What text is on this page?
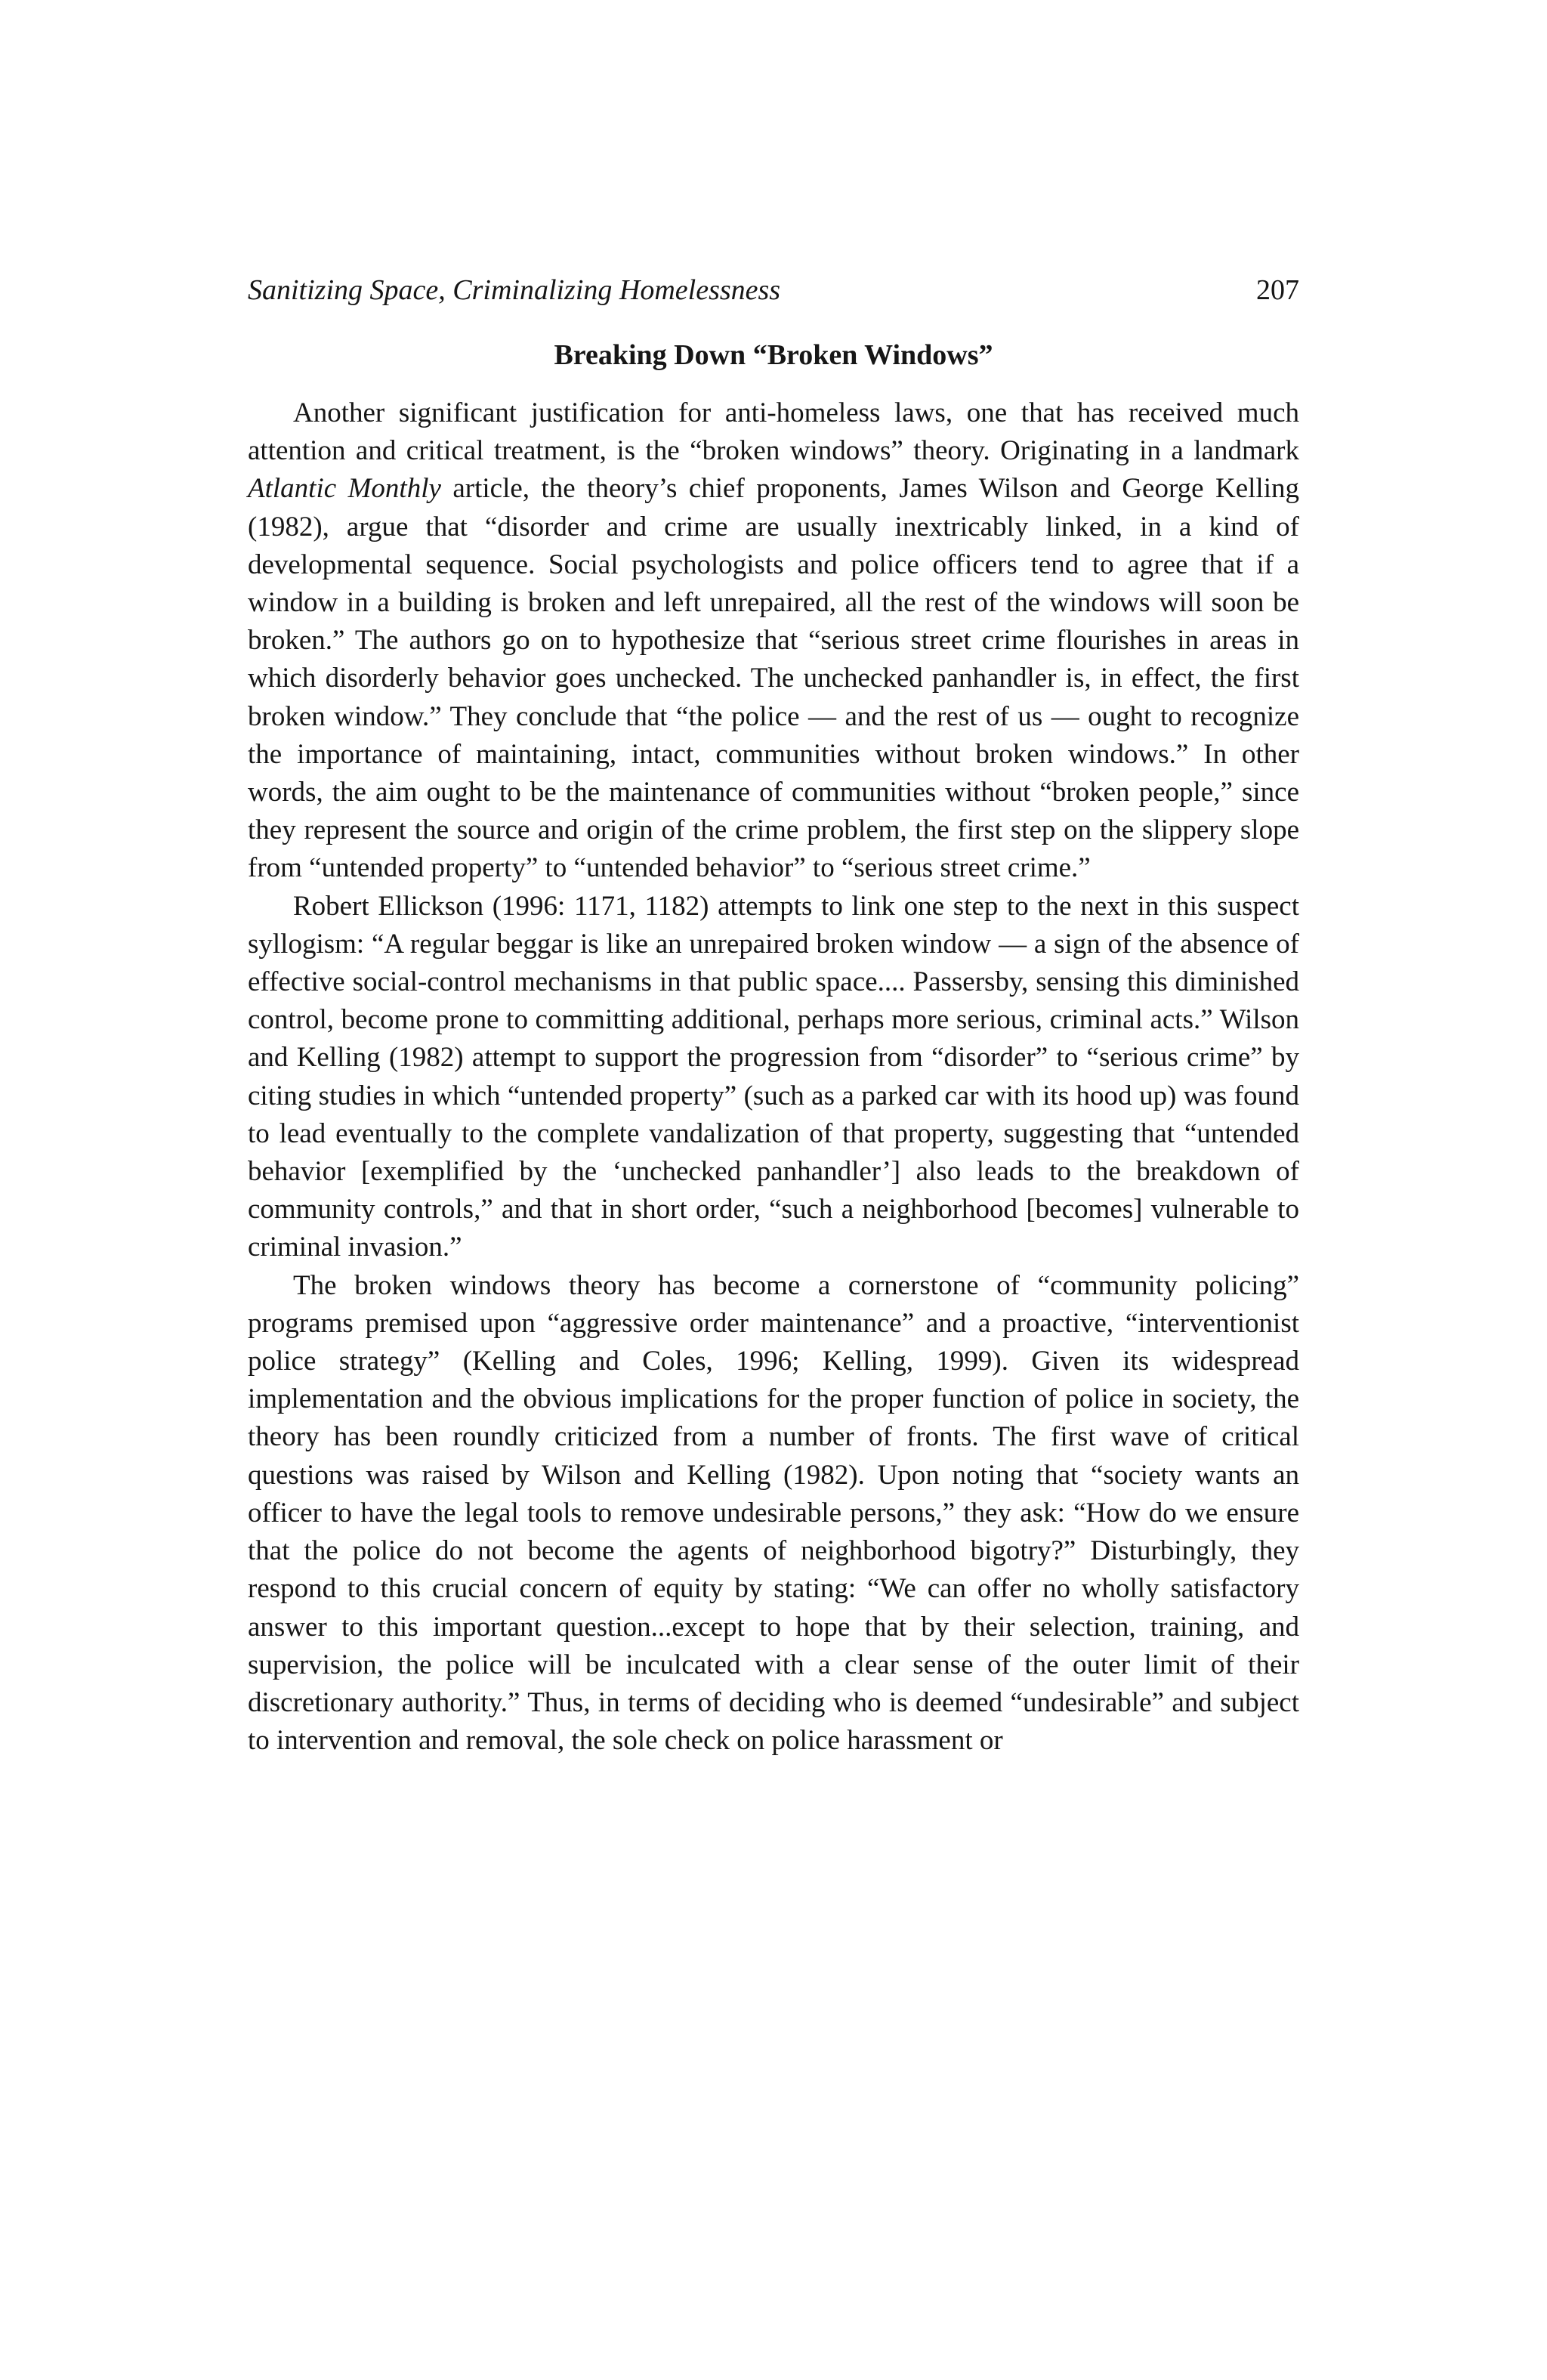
Sanitizing Space, Criminalizing Homelessness	207
Breaking Down “Broken Windows”

Another significant justification for anti-homeless laws, one that has received much attention and critical treatment, is the “broken windows” theory. Originating in a landmark Atlantic Monthly article, the theory’s chief proponents, James Wilson and George Kelling (1982), argue that “disorder and crime are usually inextricably linked, in a kind of developmental sequence. Social psychologists and police officers tend to agree that if a window in a building is broken and left unrepaired, all the rest of the windows will soon be broken.” The authors go on to hypothesize that “serious street crime flourishes in areas in which disorderly behavior goes unchecked. The unchecked panhandler is, in effect, the first broken window.” They conclude that “the police — and the rest of us — ought to recognize the importance of maintaining, intact, communities without broken windows.” In other words, the aim ought to be the maintenance of communities without “broken people,” since they represent the source and origin of the crime problem, the first step on the slippery slope from “untended property” to “untended behavior” to “serious street crime.”

Robert Ellickson (1996: 1171, 1182) attempts to link one step to the next in this suspect syllogism: “A regular beggar is like an unrepaired broken window — a sign of the absence of effective social-control mechanisms in that public space.... Passersby, sensing this diminished control, become prone to committing additional, perhaps more serious, criminal acts.” Wilson and Kelling (1982) attempt to support the progression from “disorder” to “serious crime” by citing studies in which “untended property” (such as a parked car with its hood up) was found to lead eventually to the complete vandalization of that property, suggesting that “untended behavior [exemplified by the ‘unchecked panhandler’] also leads to the breakdown of community controls,” and that in short order, “such a neighborhood [becomes] vulnerable to criminal invasion.”

The broken windows theory has become a cornerstone of “community policing” programs premised upon “aggressive order maintenance” and a proactive, “interventionist police strategy” (Kelling and Coles, 1996; Kelling, 1999). Given its widespread implementation and the obvious implications for the proper function of police in society, the theory has been roundly criticized from a number of fronts. The first wave of critical questions was raised by Wilson and Kelling (1982). Upon noting that “society wants an officer to have the legal tools to remove undesirable persons,” they ask: “How do we ensure that the police do not become the agents of neighborhood bigotry?” Disturbingly, they respond to this crucial concern of equity by stating: “We can offer no wholly satisfactory answer to this important question...except to hope that by their selection, training, and supervision, the police will be inculcated with a clear sense of the outer limit of their discretionary authority.” Thus, in terms of deciding who is deemed “undesirable” and subject to intervention and removal, the sole check on police harassment or
